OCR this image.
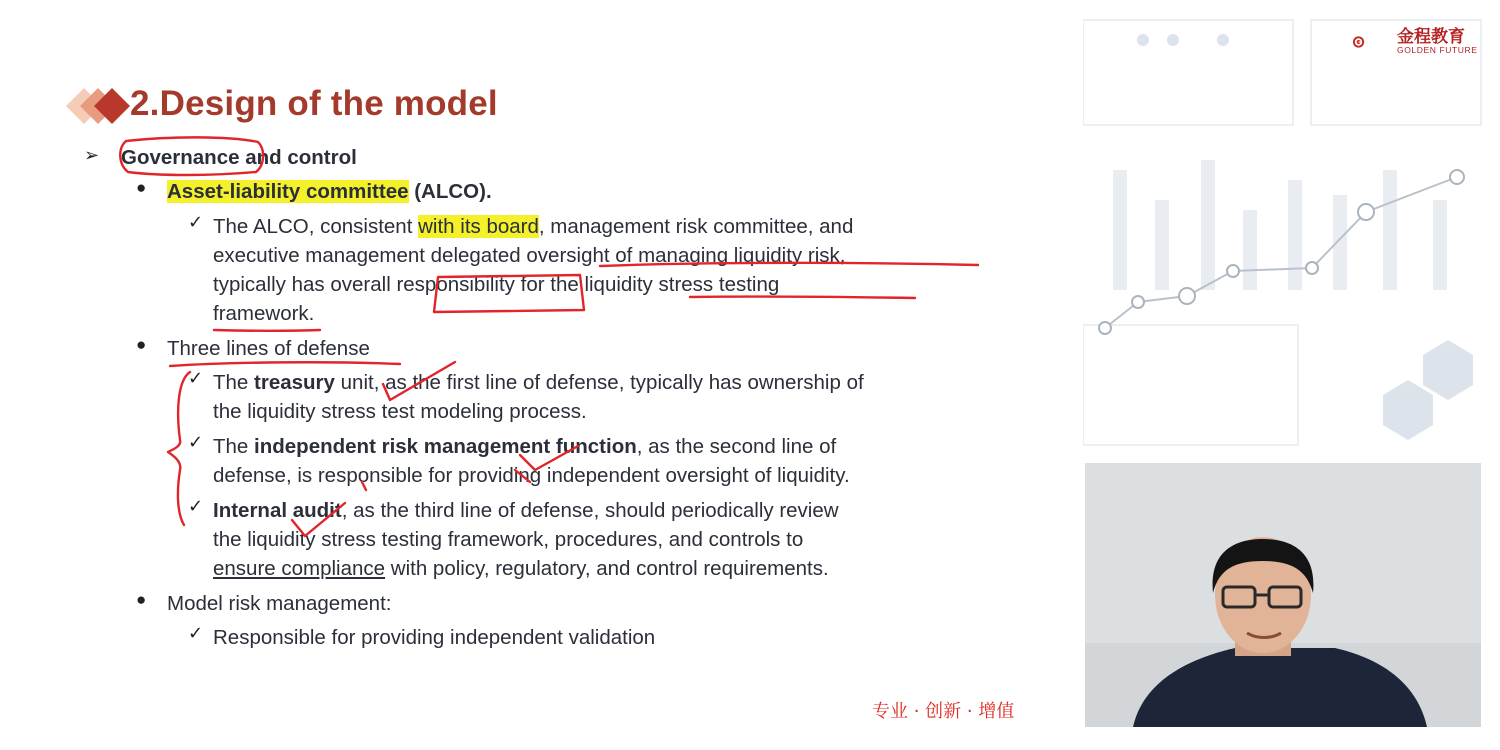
2.Design of the model
➢ Governance and control
● Asset-liability committee (ALCO).
✓ The ALCO, consistent with its board, management risk committee, and
executive management delegated oversight of managing liquidity risk,
typically has overall responsibility for the liquidity stress testing
framework.
● Three lines of defense
✓ The treasury unit, as the first line of defense, typically has ownership of
the liquidity stress test modeling process.
✓ The independent risk management function, as the second line of
defense, is responsible for providing independent oversight of liquidity.
✓ Internal audit, as the third line of defense, should periodically review
the liquidity stress testing framework, procedures, and controls to
ensure compliance with policy, regulatory, and control requirements.
● Model risk management:
✓ Responsible for providing independent validation
金程教育
GOLDEN FUTURE
专业 · 创新 · 增值
